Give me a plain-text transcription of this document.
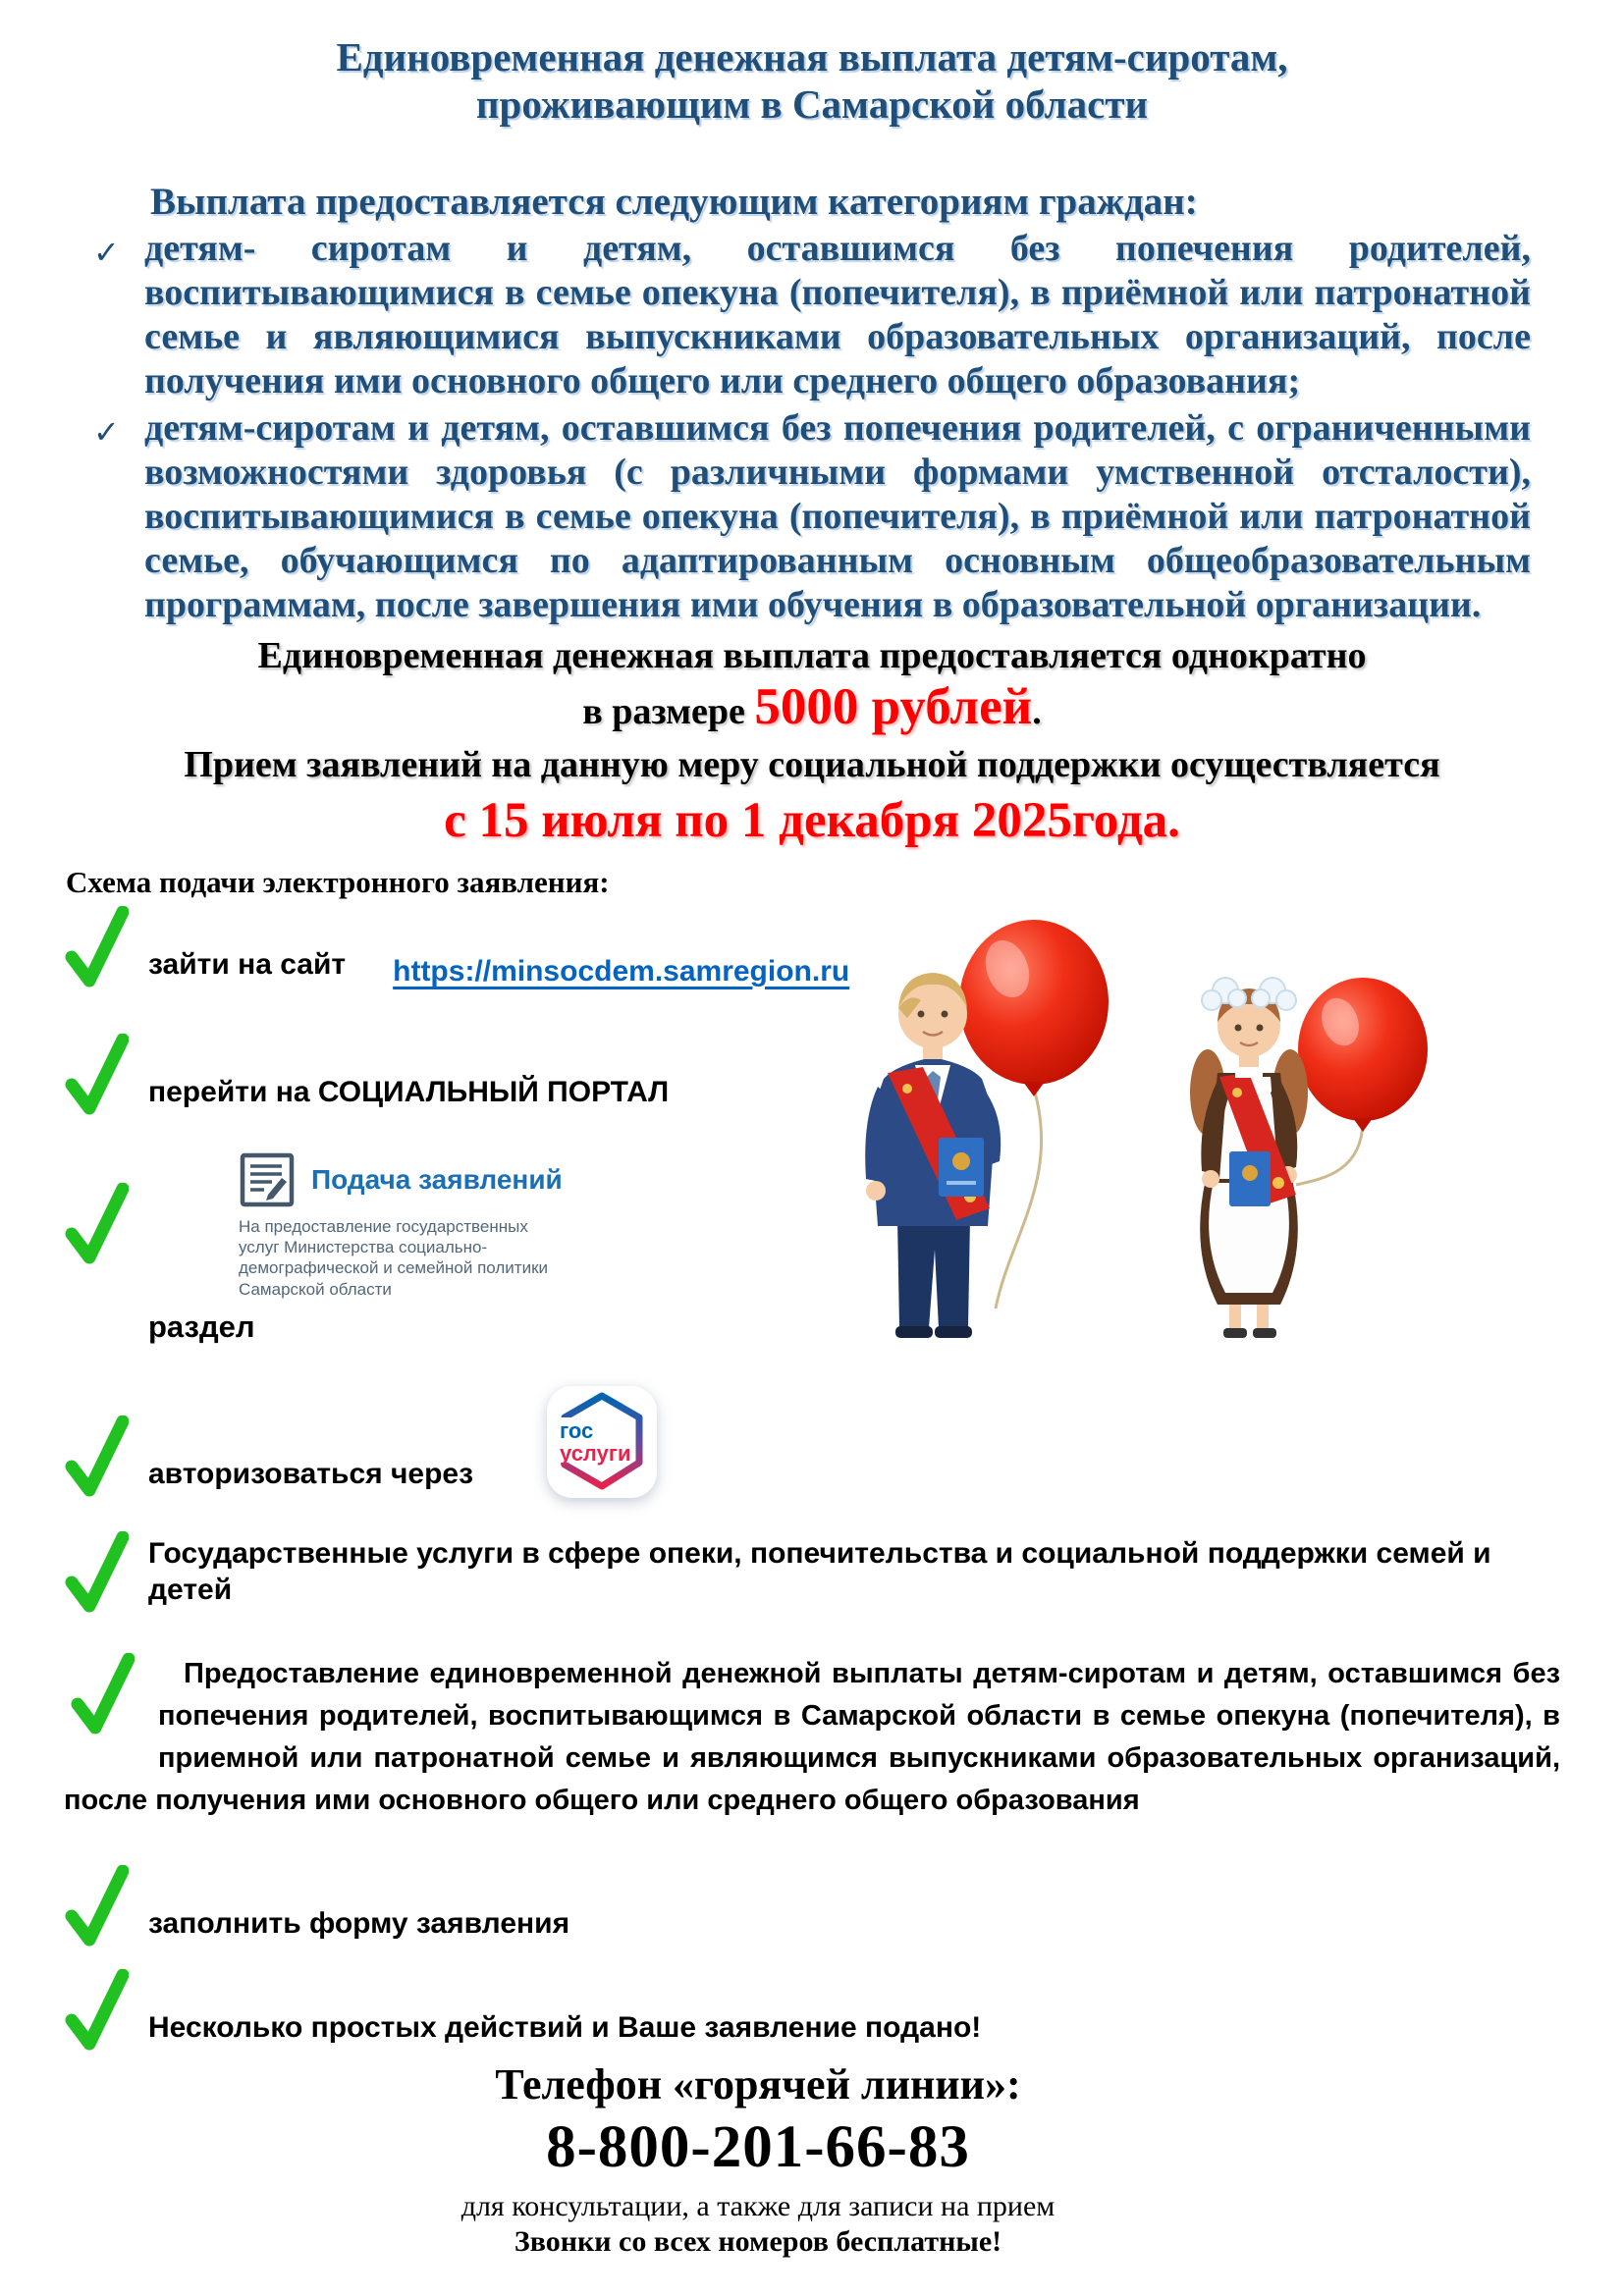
Единовременная денежная выплата детям-сиротам,
проживающим в Самарской области

Выплата предоставляется следующим категориям граждан:

✓ детям- сиротам и детям, оставшимся без попечения родителей, воспитывающимися в семье опекуна (попечителя), в приёмной или патронатной семье и являющимися выпускниками образовательных организаций, после получения ими основного общего или среднего общего образования;

✓ детям-сиротам и детям, оставшимся без попечения родителей, с ограниченными возможностями здоровья (с различными формами умственной отсталости), воспитывающимися в семье опекуна (попечителя), в приёмной или патронатной семье, обучающимся по адаптированным основным общеобразовательным программам, после завершения ими обучения в образовательной организации.

Единовременная денежная выплата предоставляется однократно

в размере 5000 рублей.

Прием заявлений на данную меру социальной поддержки осуществляется

с 15 июля по 1 декабря 2025года.

Схема подачи электронного заявления:
зайти на сайт https://minsocdem.samregion.ru
перейти на СОЦИАЛЬНЫЙ ПОРТАЛ
Подача заявлений
На предоставление государственных услуг Министерства социально-демографической и семейной политики Самарской области
раздел
авторизоваться через
гос
услуги
Государственные услуги в сфере опеки, попечительства и социальной поддержки семей и детей

Предоставление единовременной денежной выплаты детям-сиротам и детям, оставшимся без попечения родителей, воспитывающимся в Самарской области в семье опекуна (попечителя), в приемной или патронатной семье и являющимся выпускниками образовательных организаций, после получения ими основного общего или среднего общего образования

заполнить форму заявления
Несколько простых действий и Ваше заявление подано!

Телефон «горячей линии»:

8-800-201-66-83

для консультации, а также для записи на прием

Звонки со всех номеров бесплатные!
